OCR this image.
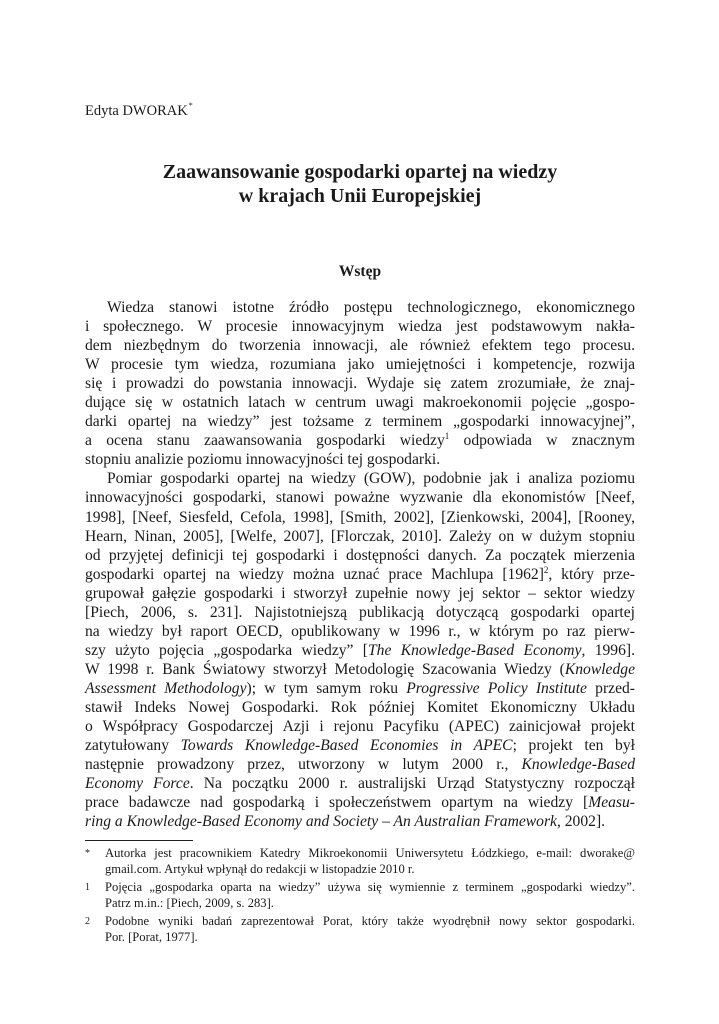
Edyta DWORAK*
Zaawansowanie gospodarki opartej na wiedzy
w krajach Unii Europejskiej
Wstęp
Wiedza stanowi istotne źródło postępu technologicznego, ekonomicznego
i społecznego. W procesie innowacyjnym wiedza jest podstawowym nakła-
dem niezbędnym do tworzenia innowacji, ale również efektem tego procesu.
W procesie tym wiedza, rozumiana jako umiejętności i kompetencje, rozwija
się i prowadzi do powstania innowacji. Wydaje się zatem zrozumiałe, że znaj-
dujące się w ostatnich latach w centrum uwagi makroekonomii pojęcie „gospo-
darki opartej na wiedzy” jest tożsame z terminem „gospodarki innowacyjnej”,
a ocena stanu zaawansowania gospodarki wiedzy$^1$ odpowiada w znacznym
stopniu analizie poziomu innowacyjności tej gospodarki.
Pomiar gospodarki opartej na wiedzy (GOW), podobnie jak i analiza poziomu
innowacyjności gospodarki, stanowi poważne wyzwanie dla ekonomistów [Neef,
1998], [Neef, Siesfeld, Cefola, 1998], [Smith, 2002], [Zienkowski, 2004], [Rooney,
Hearn, Ninan, 2005], [Welfe, 2007], [Florczak, 2010]. Zależy on w dużym stopniu
od przyjętej definicji tej gospodarki i dostępności danych. Za początek mierzenia
gospodarki opartej na wiedzy można uznać prace Machlupa $[1962]^2$, który prze-
grupował gałęzie gospodarki i stworzył zupełnie nowy jej sektor – sektor wiedzy
[Piech, 2006, s. 231]. Najistotniejszą publikacją dotyczącą gospodarki opartej
na wiedzy był raport OECD, opublikowany w 1996 r., w którym po raz pierw-
szy użyto pojęcia „gospodarka wiedzy” [The Knowledge-Based Economy, 1996].
W 1998 r. Bank Światowy stworzył Metodologię Szacowania Wiedzy (Knowledge
Assessment Methodology); w tym samym roku Progressive Policy Institute przed-
stawił Indeks Nowej Gospodarki. Rok później Komitet Ekonomiczny Układu
o Współpracy Gospodarczej Azji i rejonu Pacyfiku (APEC) zainicjował projekt
zatytułowany Towards Knowledge-Based Economies in APEC; projekt ten był
następnie prowadzony przez, utworzony w lutym 2000 r., Knowledge-Based
Economy Force. Na początku 2000 r. australijski Urząd Statystyczny rozpoczął
prace badawcze nad gospodarką i społeczeństwem opartym na wiedzy [Measu-
ring a Knowledge-Based Economy and Society – An Australian Framework, 2002].
* Autorka jest pracownikiem Katedry Mikroekonomii Uniwersytetu Łódzkiego, e-mail: dworake@
gmail.com. Artykuł wpłynął do redakcji w listopadzie 2010 r.
1 Pojęcia „gospodarka oparta na wiedzy” używa się wymiennie z terminem „gospodarki wiedzy”.
Patrz m.in.: [Piech, 2009, s. 283].
2 Podobne wyniki badań zaprezentował Porat, który także wyodrębnił nowy sektor gospodarki.
Por. [Porat, 1977].
